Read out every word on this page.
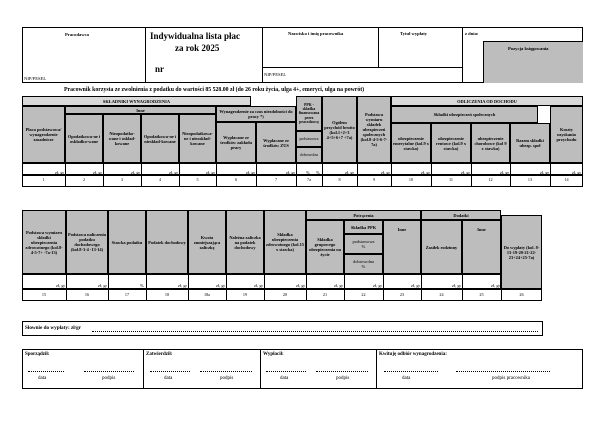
Pracodawca
NIP/PESEL
Indywidualna lista płac
za rok 2025
nr
Nazwisko i imię pracownika
NIP/PESEL
Tytuł wypłaty	z dnia:
Pozycja księgowania
Pracownik korzysta ze zwolnienia z podatku do wartości 85 528.00 zł (do 26 roku życia, ulga 4+, emeryci, ulga na powrót)
SKŁADNIKI WYNAGRODZENIA	ODLICZENIA OD DOCHODU
Płaca podstawowa/ wynagrodzenie zasadnicze
Inne
Opodatkowa-ne i oskładko-wane
Nieopodatko-wane i oskład-kowane
Opodatkowa-ne i nieskład-kowane
Nieopodatkowa-ne i nieoskład-kowane
Wynagrodzenie za czas niezdolności do pracy *)
Wypłacane ze środków zakładu pracy
Wypłacane ze środków ZUS
PPK - składka finansowana przez pracodawcę
podstawowa
dobrowolna
Ogółem przychód brutto (kol.1+2+3 4+5+6+7 +7a)
Podstawa wymiaru składek ubezpieczeń społecznych (kol.8-4-5-6-7-7a)
Składki ubezpieczeń społecznych
ubezpieczenie emerytalne (kol.9 x stawka)
ubezpieczenie rentowe (kol.9 x stawka)
ubezpieczenie chorobowe (kol 9 x stawka)
Razem składki ubezp. społ
Koszty uzyskania przychodu
zł, gr	zł, gr	zł, gr	zł, gr	zł, gr	zł, gr	zł, gr % %	zł, gr	zł, gr	zł, gr	zł, gr	zł, gr	zł, gr	zł, gr
1	2	3	4	5	6	7	7a	8	9	10	11	12	13	14
Podstawa wymiaru składki ubezpieczenia zdrowotnego (kol.8-4-5-7+ -7a-13)
Podstawa naliczenia podatku dochodowego (kol.8-3-4 -13-14)
Stawka podatku	Podatek dochodowy
Kwota zmniejszająca zaliczkę
Należna zaliczka na podatek dochodowy
Składka ubezpieczenia zdrowotnego (kol.15 x stawka)
Potrącenia
Składka grupowego ubezpieczenia na życie
Składka PPK
podstawowa
%
dobrowolna
%
Inne
Dodatki
Zasiłek rodzinny
Inne
Do wypłaty (kol. 8-13-19-20-21-22-23+24+25-7a)
zł, gr	zł, gr	%	zł, gr	zł, gr	zł, gr	zł, gr	zł, gr	zł, gr	zł, gr	zł, gr	zł, gr
15	16	17	18	18a	19	20	21	22	23	24	25	26
Słownie do wypłaty: zł/gr
Sporządził:	Zatwierdził:	Wypłacił:	Kwituję odbiór wynagrodzenia:
data	podpis	data	podpis	data	podpis	data	podpis pracownika
